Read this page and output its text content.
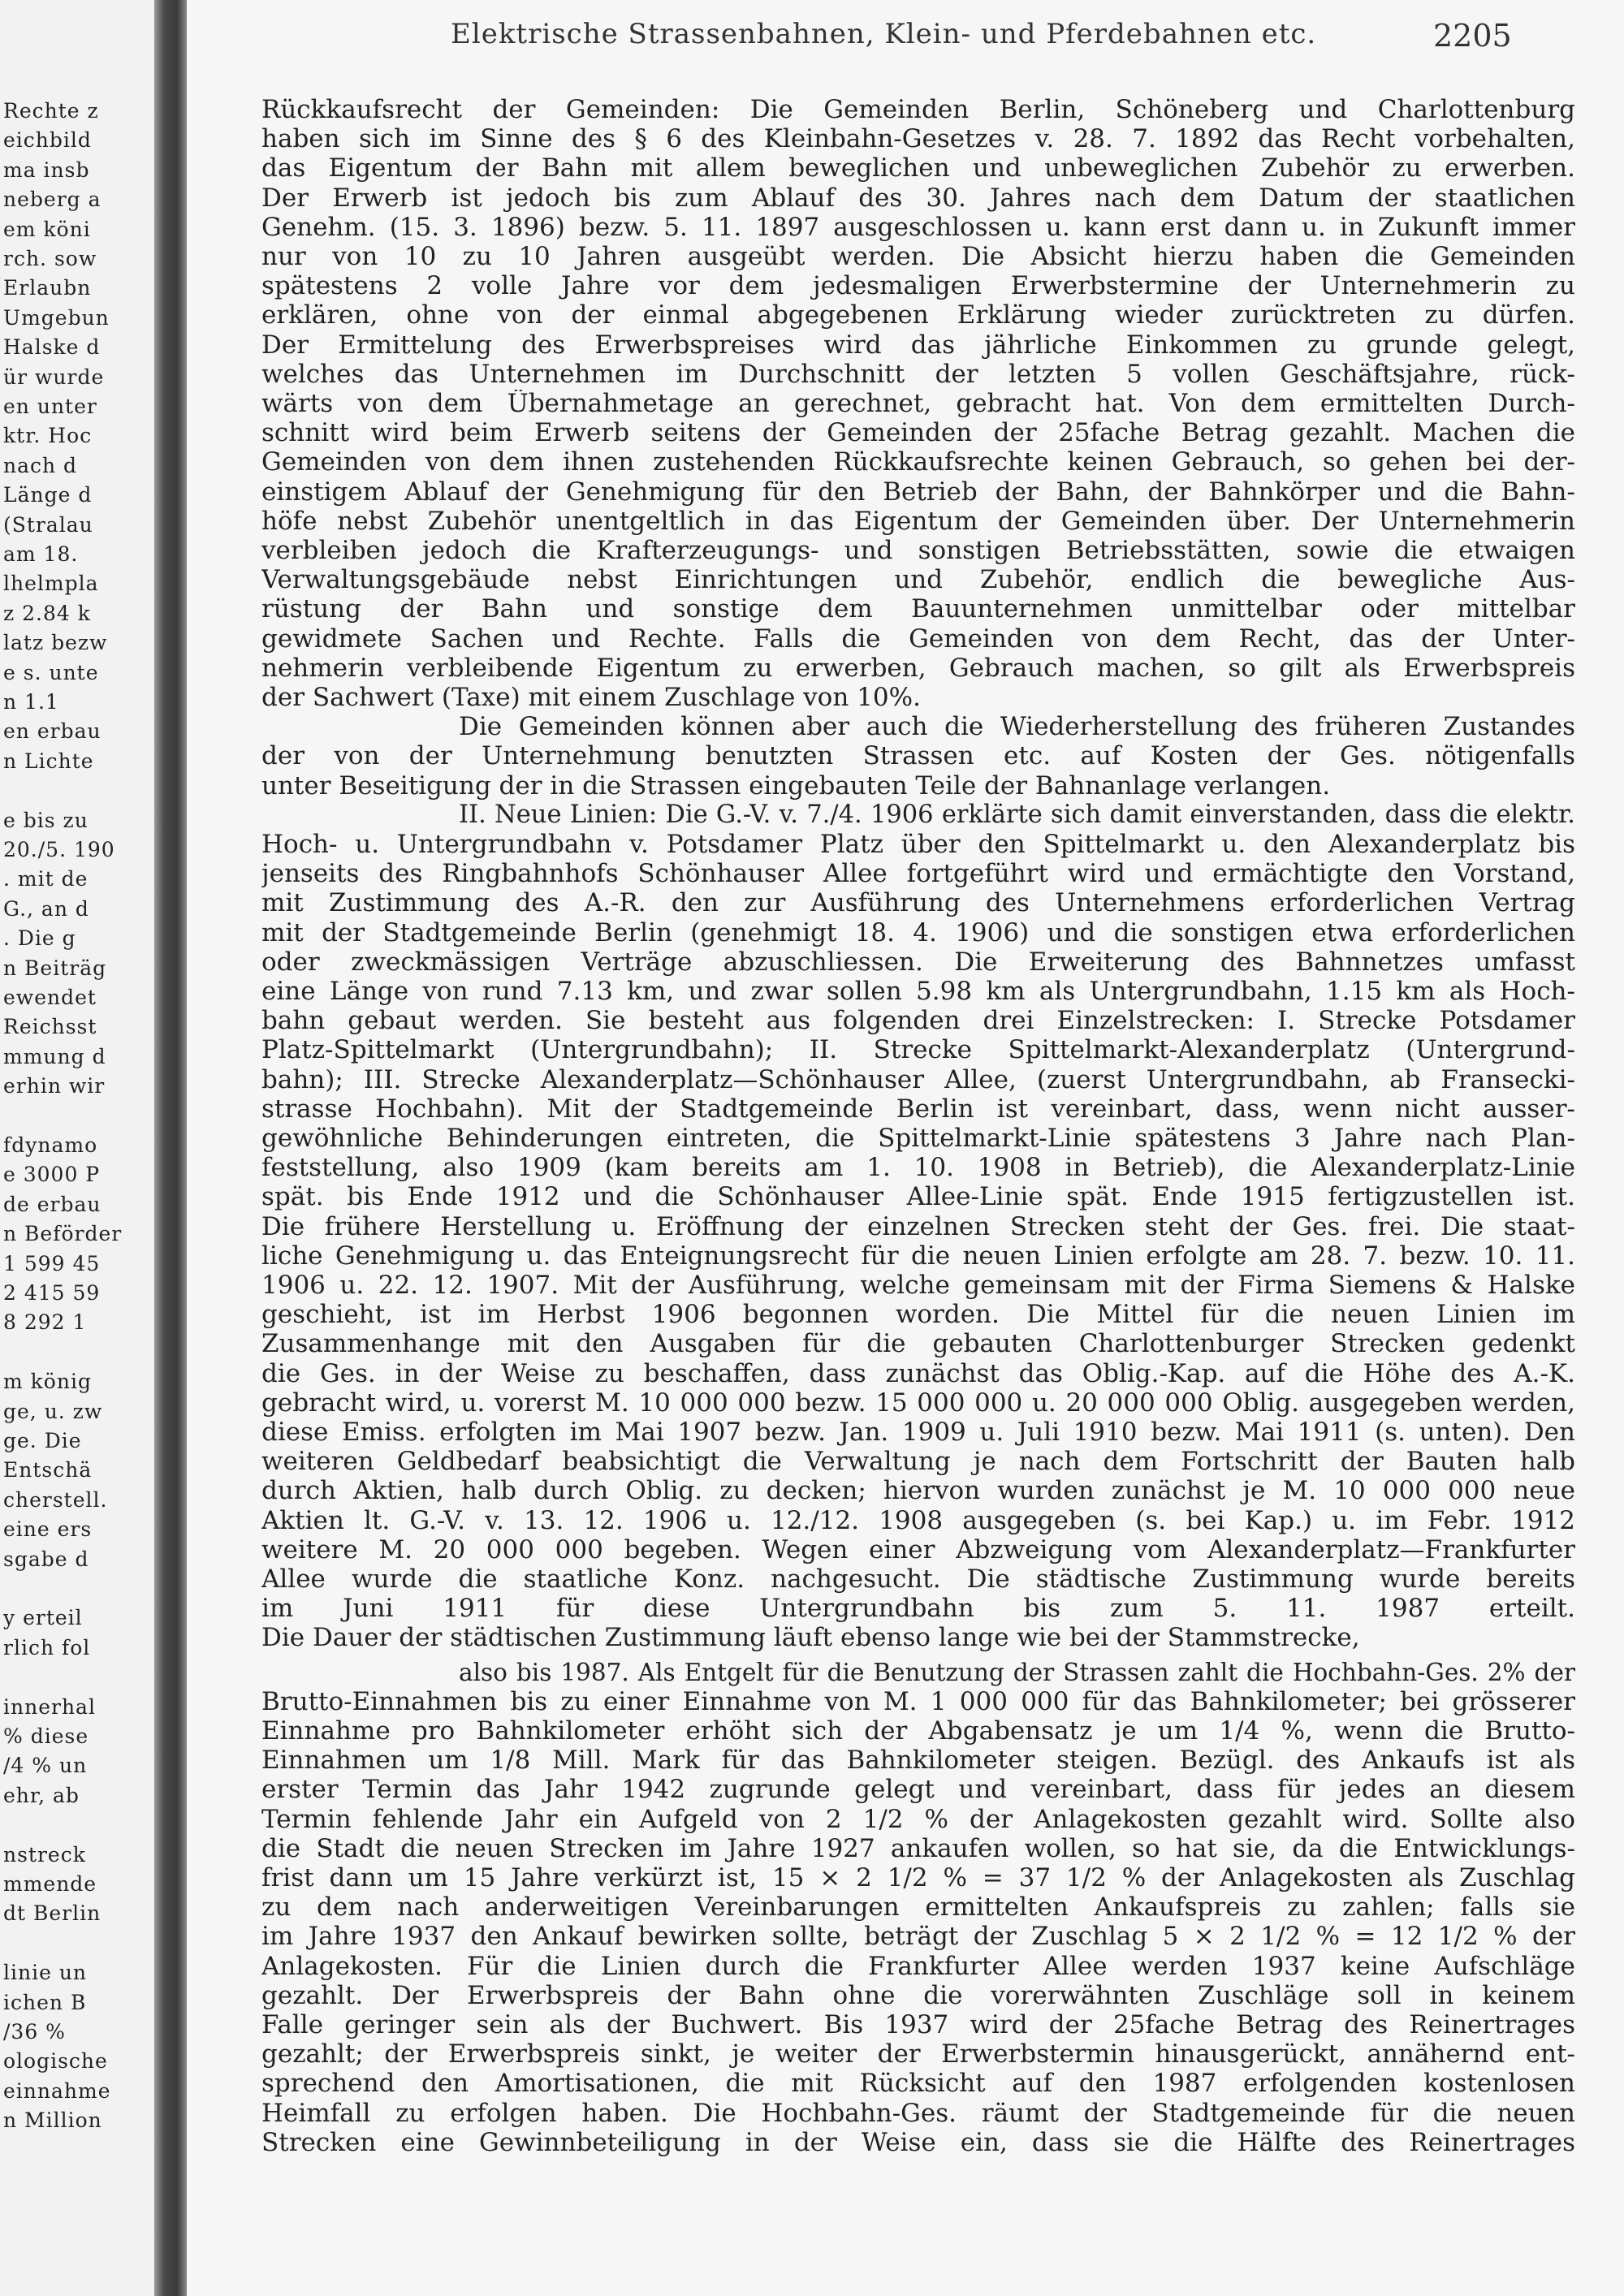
Rechte z
eichbild
ma insb
neberg a
em köni
rch. sow
Erlaubn
Umgebun
Halske d
ür wurde
en unter
ktr. Hoc
nach d
Länge d
(Stralau
am 18.
lhelmpla
z 2.84 k
latz bezw
e s. unte
n 1.1
en erbau
n Lichte
e bis zu
20./5. 190
. mit de
G., an d
. Die g
n Beiträg
ewendet
Reichsst
mmung d
erhin wir
fdynamo
e 3000 P
de erbau
n Beförder
1 599 45
2 415 59
8 292 1
m könig
ge, u. zw
ge. Die
Entschä
cherstell.
eine ers
sgabe d
y erteil
rlich fol
innerhal
% diese
/4 % un
ehr, ab
nstreck
mmende
dt Berlin
linie un
ichen B
/36 %
ologische
einnahme
n Million
Elektrische Strassenbahnen, Klein- und Pferdebahnen etc.	2205
Rückkaufsrecht der Gemeinden: Die Gemeinden Berlin, Schöneberg und Charlottenburg
haben sich im Sinne des § 6 des Kleinbahn-Gesetzes v. 28. 7. 1892 das Recht vorbehalten,
das Eigentum der Bahn mit allem beweglichen und unbeweglichen Zubehör zu erwerben.
Der Erwerb ist jedoch bis zum Ablauf des 30. Jahres nach dem Datum der staatlichen
Genehm. (15. 3. 1896) bezw. 5. 11. 1897 ausgeschlossen u. kann erst dann u. in Zukunft immer
nur von 10 zu 10 Jahren ausgeübt werden. Die Absicht hierzu haben die Gemeinden
spätestens 2 volle Jahre vor dem jedesmaligen Erwerbstermine der Unternehmerin zu
erklären, ohne von der einmal abgegebenen Erklärung wieder zurücktreten zu dürfen.
Der Ermittelung des Erwerbspreises wird das jährliche Einkommen zu grunde gelegt,
welches das Unternehmen im Durchschnitt der letzten 5 vollen Geschäftsjahre, rück-
wärts von dem Übernahmetage an gerechnet, gebracht hat. Von dem ermittelten Durch-
schnitt wird beim Erwerb seitens der Gemeinden der 25fache Betrag gezahlt. Machen die
Gemeinden von dem ihnen zustehenden Rückkaufsrechte keinen Gebrauch, so gehen bei der-
einstigem Ablauf der Genehmigung für den Betrieb der Bahn, der Bahnkörper und die Bahn-
höfe nebst Zubehör unentgeltlich in das Eigentum der Gemeinden über. Der Unternehmerin
verbleiben jedoch die Krafterzeugungs- und sonstigen Betriebsstätten, sowie die etwaigen
Verwaltungsgebäude nebst Einrichtungen und Zubehör, endlich die bewegliche Aus-
rüstung der Bahn und sonstige dem Bauunternehmen unmittelbar oder mittelbar
gewidmete Sachen und Rechte. Falls die Gemeinden von dem Recht, das der Unter-
nehmerin verbleibende Eigentum zu erwerben, Gebrauch machen, so gilt als Erwerbspreis
der Sachwert (Taxe) mit einem Zuschlage von 10%.
Die Gemeinden können aber auch die Wiederherstellung des früheren Zustandes
der von der Unternehmung benutzten Strassen etc. auf Kosten der Ges. nötigenfalls
unter Beseitigung der in die Strassen eingebauten Teile der Bahnanlage verlangen.
II. Neue Linien: Die G.-V. v. 7./4. 1906 erklärte sich damit einverstanden, dass die elektr.
Hoch- u. Untergrundbahn v. Potsdamer Platz über den Spittelmarkt u. den Alexanderplatz bis
jenseits des Ringbahnhofs Schönhauser Allee fortgeführt wird und ermächtigte den Vorstand,
mit Zustimmung des A.-R. den zur Ausführung des Unternehmens erforderlichen Vertrag
mit der Stadtgemeinde Berlin (genehmigt 18. 4. 1906) und die sonstigen etwa erforderlichen
oder zweckmässigen Verträge abzuschliessen. Die Erweiterung des Bahnnetzes umfasst
eine Länge von rund 7.13 km, und zwar sollen 5.98 km als Untergrundbahn, 1.15 km als Hoch-
bahn gebaut werden. Sie besteht aus folgenden drei Einzelstrecken: I. Strecke Potsdamer
Platz-Spittelmarkt (Untergrundbahn); II. Strecke Spittelmarkt-Alexanderplatz (Untergrund-
bahn); III. Strecke Alexanderplatz—Schönhauser Allee, (zuerst Untergrundbahn, ab Fransecki-
strasse Hochbahn). Mit der Stadtgemeinde Berlin ist vereinbart, dass, wenn nicht ausser-
gewöhnliche Behinderungen eintreten, die Spittelmarkt-Linie spätestens 3 Jahre nach Plan-
feststellung, also 1909 (kam bereits am 1. 10. 1908 in Betrieb), die Alexanderplatz-Linie
spät. bis Ende 1912 und die Schönhauser Allee-Linie spät. Ende 1915 fertigzustellen ist.
Die frühere Herstellung u. Eröffnung der einzelnen Strecken steht der Ges. frei. Die staat-
liche Genehmigung u. das Enteignungsrecht für die neuen Linien erfolgte am 28. 7. bezw. 10. 11.
1906 u. 22. 12. 1907. Mit der Ausführung, welche gemeinsam mit der Firma Siemens & Halske
geschieht, ist im Herbst 1906 begonnen worden. Die Mittel für die neuen Linien im
Zusammenhange mit den Ausgaben für die gebauten Charlottenburger Strecken gedenkt
die Ges. in der Weise zu beschaffen, dass zunächst das Oblig.-Kap. auf die Höhe des A.-K.
gebracht wird, u. vorerst M. 10 000 000 bezw. 15 000 000 u. 20 000 000 Oblig. ausgegeben werden,
diese Emiss. erfolgten im Mai 1907 bezw. Jan. 1909 u. Juli 1910 bezw. Mai 1911 (s. unten). Den
weiteren Geldbedarf beabsichtigt die Verwaltung je nach dem Fortschritt der Bauten halb
durch Aktien, halb durch Oblig. zu decken; hiervon wurden zunächst je M. 10 000 000 neue
Aktien lt. G.-V. v. 13. 12. 1906 u. 12./12. 1908 ausgegeben (s. bei Kap.) u. im Febr. 1912
weitere M. 20 000 000 begeben. Wegen einer Abzweigung vom Alexanderplatz—Frankfurter
Allee wurde die staatliche Konz. nachgesucht. Die städtische Zustimmung wurde bereits
im Juni 1911 für diese Untergrundbahn bis zum 5. 11. 1987 erteilt.
Die Dauer der städtischen Zustimmung läuft ebenso lange wie bei der Stammstrecke,
also bis 1987. Als Entgelt für die Benutzung der Strassen zahlt die Hochbahn-Ges. 2% der
Brutto-Einnahmen bis zu einer Einnahme von M. 1 000 000 für das Bahnkilometer; bei grösserer
Einnahme pro Bahnkilometer erhöht sich der Abgabensatz je um 1/4 %, wenn die Brutto-
Einnahmen um 1/8 Mill. Mark für das Bahnkilometer steigen. Bezügl. des Ankaufs ist als
erster Termin das Jahr 1942 zugrunde gelegt und vereinbart, dass für jedes an diesem
Termin fehlende Jahr ein Aufgeld von 2 1/2 % der Anlagekosten gezahlt wird. Sollte also
die Stadt die neuen Strecken im Jahre 1927 ankaufen wollen, so hat sie, da die Entwicklungs-
frist dann um 15 Jahre verkürzt ist, 15 × 2 1/2 % = 37 1/2 % der Anlagekosten als Zuschlag
zu dem nach anderweitigen Vereinbarungen ermittelten Ankaufspreis zu zahlen; falls sie
im Jahre 1937 den Ankauf bewirken sollte, beträgt der Zuschlag 5 × 2 1/2 % = 12 1/2 % der
Anlagekosten. Für die Linien durch die Frankfurter Allee werden 1937 keine Aufschläge
gezahlt. Der Erwerbspreis der Bahn ohne die vorerwähnten Zuschläge soll in keinem
Falle geringer sein als der Buchwert. Bis 1937 wird der 25fache Betrag des Reinertrages
gezahlt; der Erwerbspreis sinkt, je weiter der Erwerbstermin hinausgerückt, annähernd ent-
sprechend den Amortisationen, die mit Rücksicht auf den 1987 erfolgenden kostenlosen
Heimfall zu erfolgen haben. Die Hochbahn-Ges. räumt der Stadtgemeinde für die neuen
Strecken eine Gewinnbeteiligung in der Weise ein, dass sie die Hälfte des Reinertrages
